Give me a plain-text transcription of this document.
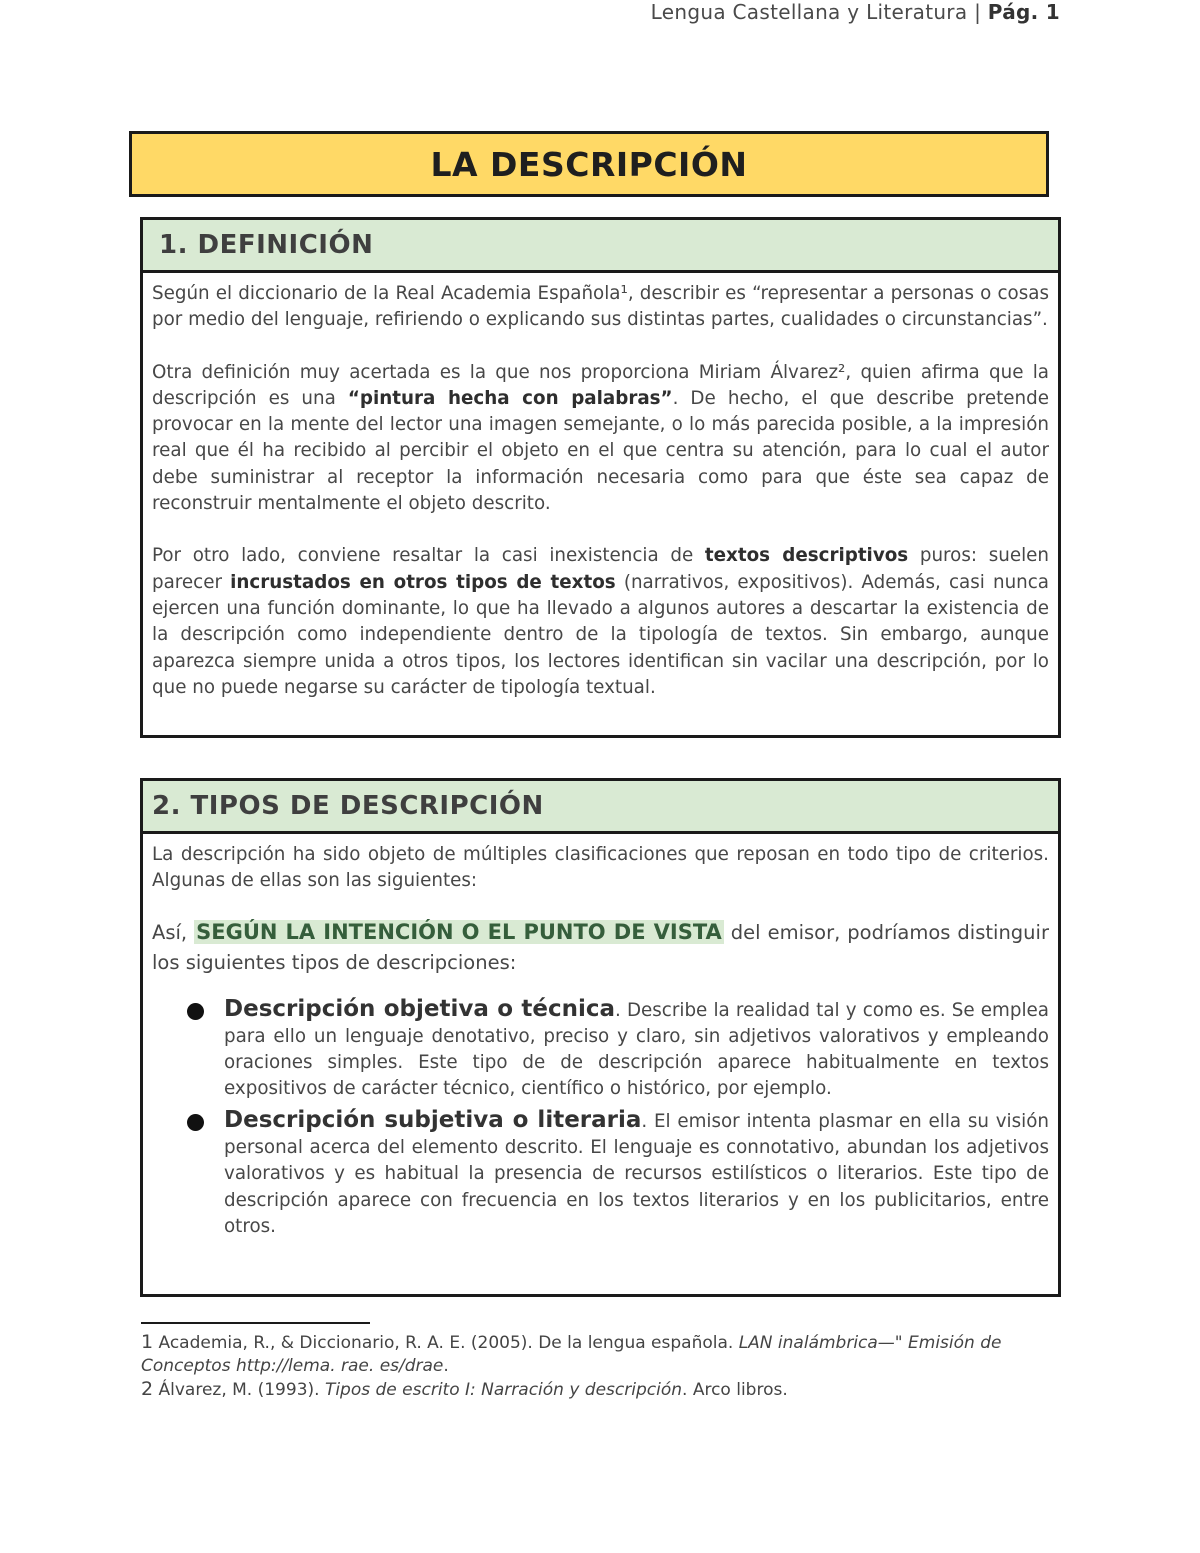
Lengua Castellana y Literatura | Pág. 1
LA DESCRIPCIÓN
1. DEFINICIÓN

Según el diccionario de la Real Academia Española¹, describir es “representar a personas o cosas por medio del lenguaje, refiriendo o explicando sus distintas partes, cualidades o circunstancias”.

Otra definición muy acertada es la que nos proporciona Miriam Álvarez², quien afirma que la descripción es una “pintura hecha con palabras”. De hecho, el que describe pretende provocar en la mente del lector una imagen semejante, o lo más parecida posible, a la impresión real que él ha recibido al percibir el objeto en el que centra su atención, para lo cual el autor debe suministrar al receptor la información necesaria como para que éste sea capaz de reconstruir mentalmente el objeto descrito.

Por otro lado, conviene resaltar la casi inexistencia de textos descriptivos puros: suelen parecer incrustados en otros tipos de textos (narrativos, expositivos). Además, casi nunca ejercen una función dominante, lo que ha llevado a algunos autores a descartar la existencia de la descripción como independiente dentro de la tipología de textos. Sin embargo, aunque aparezca siempre unida a otros tipos, los lectores identifican sin vacilar una descripción, por lo que no puede negarse su carácter de tipología textual.

2. TIPOS DE DESCRIPCIÓN

La descripción ha sido objeto de múltiples clasificaciones que reposan en todo tipo de criterios. Algunas de ellas son las siguientes:

Así, SEGÚN LA INTENCIÓN O EL PUNTO DE VISTA del emisor, podríamos distinguir los siguientes tipos de descripciones:

Descripción objetiva o técnica. Describe la realidad tal y como es. Se emplea para ello un lenguaje denotativo, preciso y claro, sin adjetivos valorativos y empleando oraciones simples. Este tipo de de descripción aparece habitualmente en textos expositivos de carácter técnico, científico o histórico, por ejemplo.
Descripción subjetiva o literaria. El emisor intenta plasmar en ella su visión personal acerca del elemento descrito. El lenguaje es connotativo, abundan los adjetivos valorativos y es habitual la presencia de recursos estilísticos o literarios. Este tipo de descripción aparece con frecuencia en los textos literarios y en los publicitarios, entre otros.

1 Academia, R., & Diccionario, R. A. E. (2005). De la lengua española. LAN inalámbrica—" Emisión de Conceptos http://lema. rae. es/drae.

2 Álvarez, M. (1993). Tipos de escrito I: Narración y descripción. Arco libros.
